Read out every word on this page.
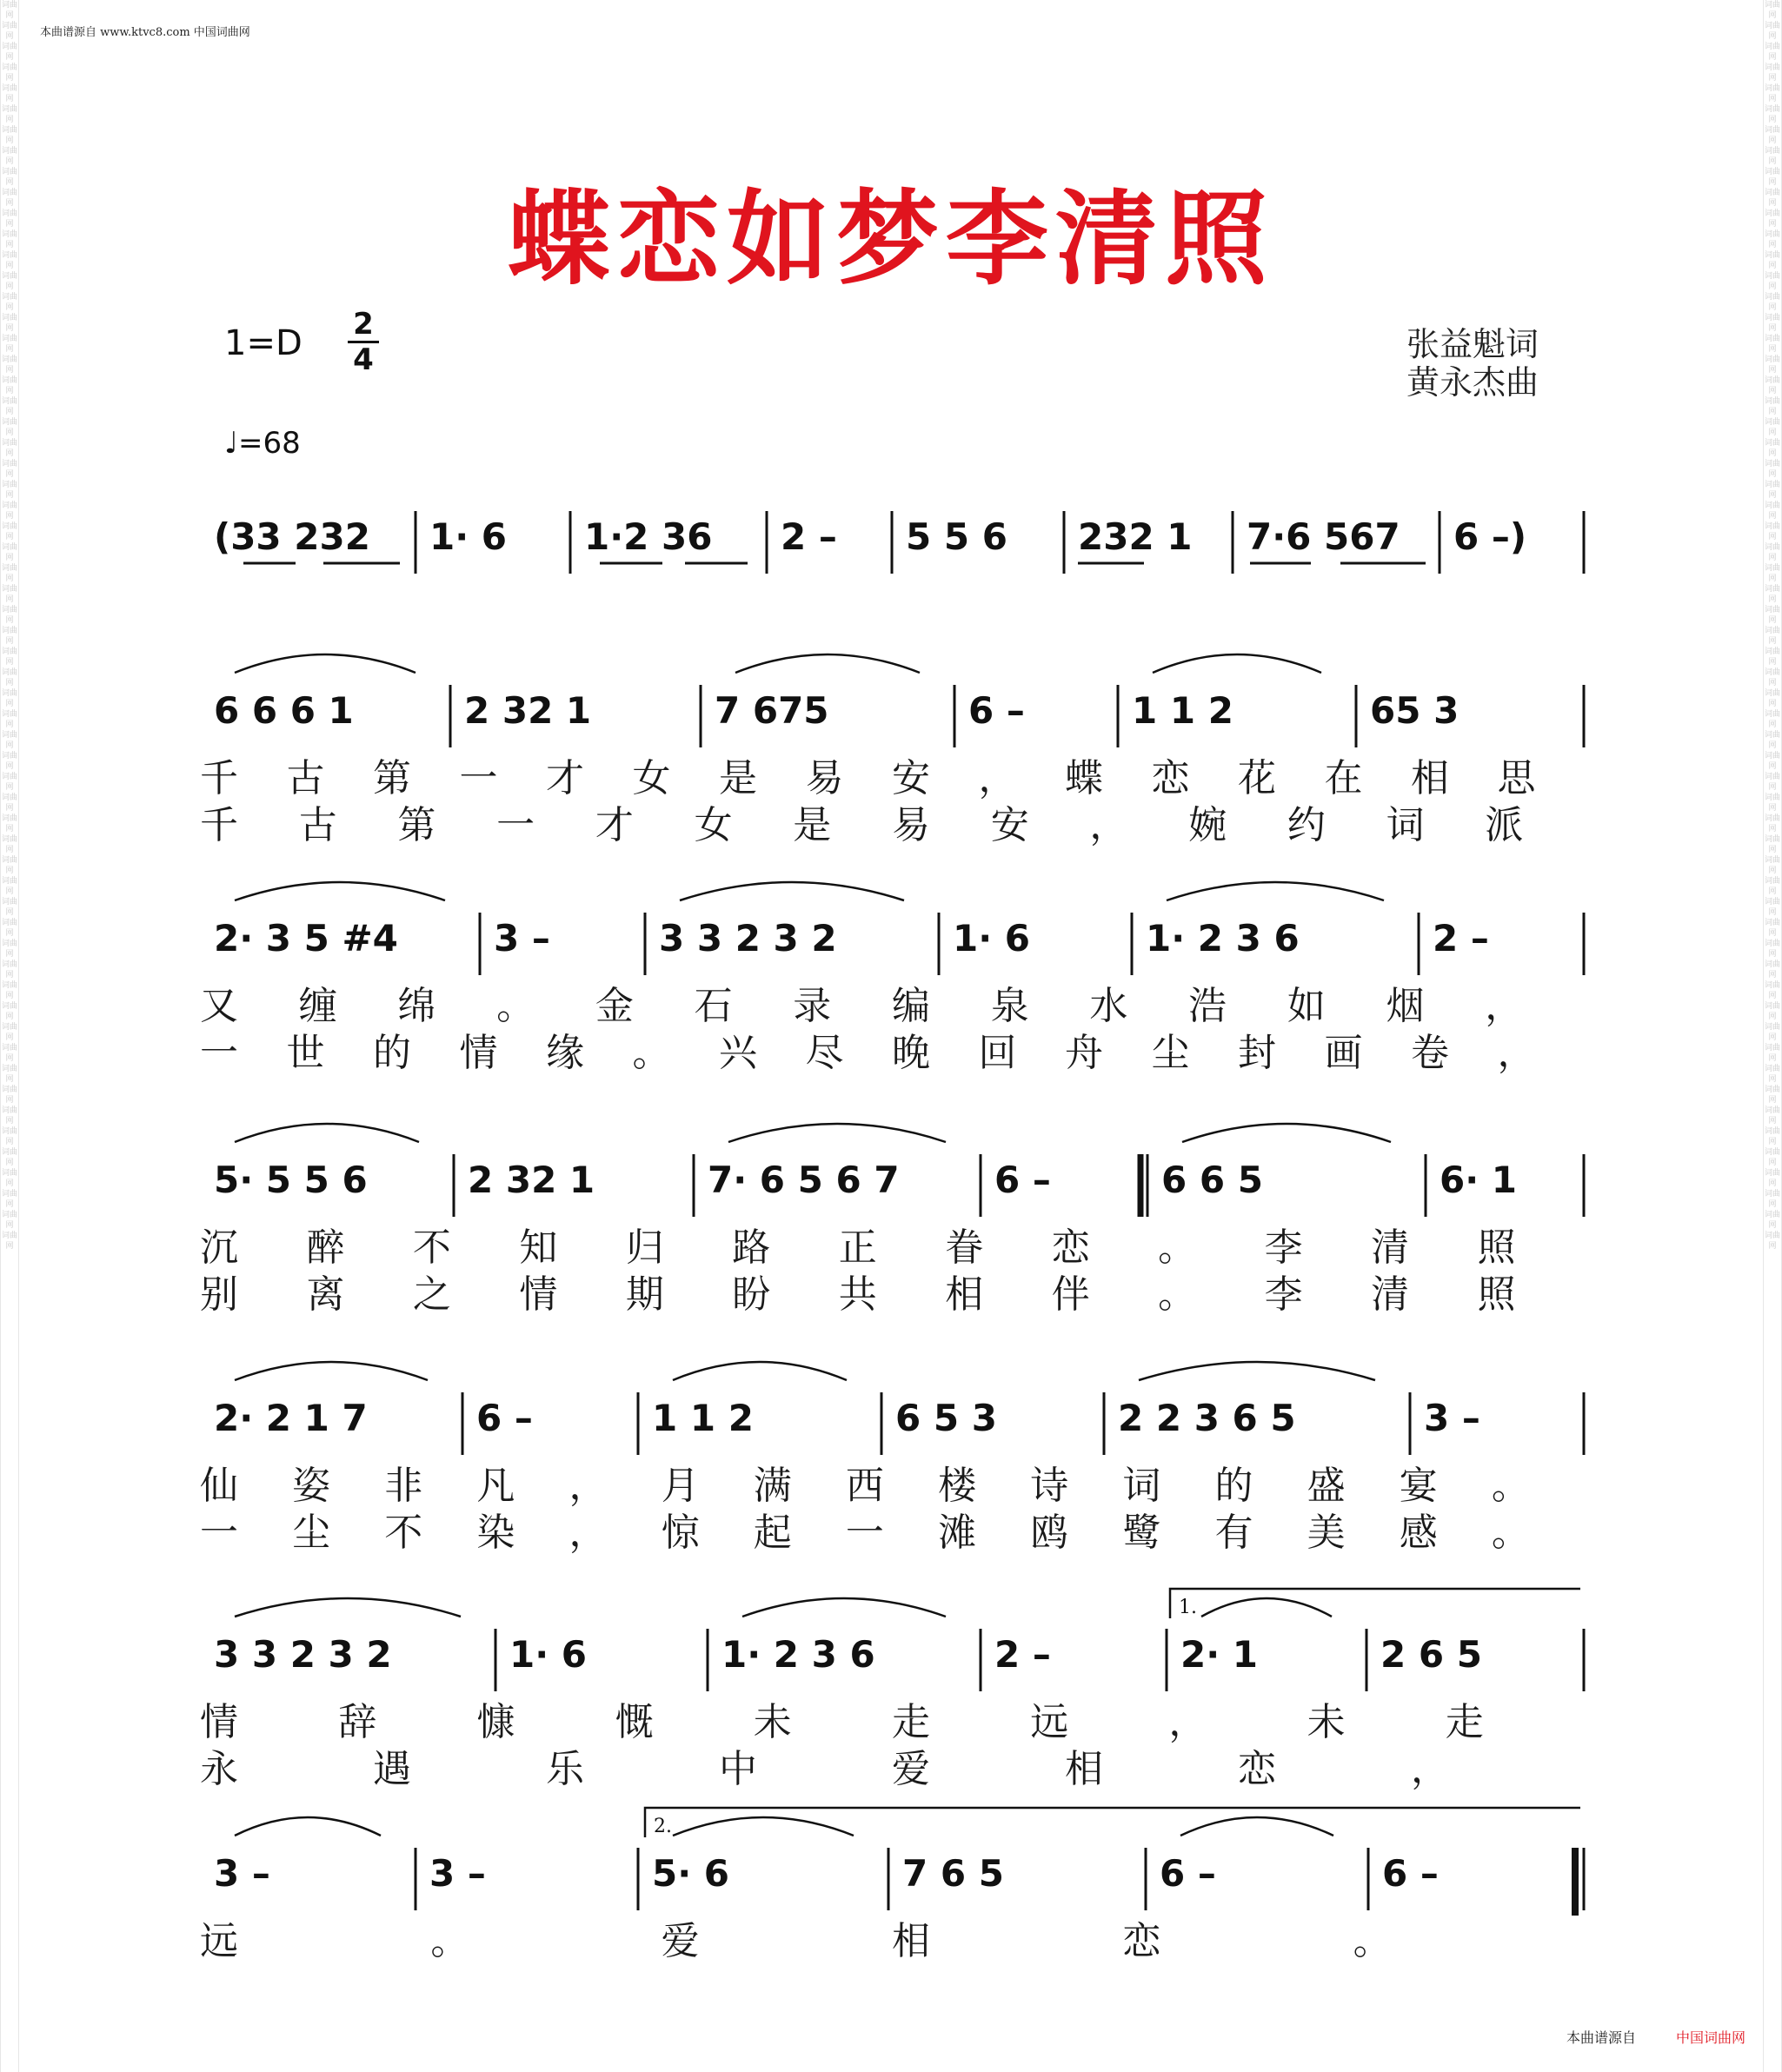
词曲网 词曲网 词曲网 词曲网 词曲网 词曲网 词曲网 词曲网 词曲网 词曲网 词曲网 词曲网 词曲网 词曲网 词曲网 词曲网 词曲网 词曲网 词曲网 词曲网 词曲网 词曲网 词曲网 词曲网 词曲网 词曲网 词曲网 词曲网 词曲网 词曲网 词曲网 词曲网 词曲网 词曲网 词曲网 词曲网 词曲网 词曲网 词曲网 词曲网 词曲网 词曲网 词曲网 词曲网 词曲网 词曲网 词曲网 词曲网 词曲网 词曲网 词曲网 词曲网 词曲网 词曲网 词曲网 词曲网 词曲网 词曲网 词曲网 词曲网
词曲网 词曲网 词曲网 词曲网 词曲网 词曲网 词曲网 词曲网 词曲网 词曲网 词曲网 词曲网 词曲网 词曲网 词曲网 词曲网 词曲网 词曲网 词曲网 词曲网 词曲网 词曲网 词曲网 词曲网 词曲网 词曲网 词曲网 词曲网 词曲网 词曲网 词曲网 词曲网 词曲网 词曲网 词曲网 词曲网 词曲网 词曲网 词曲网 词曲网 词曲网 词曲网 词曲网 词曲网 词曲网 词曲网 词曲网 词曲网 词曲网 词曲网 词曲网 词曲网 词曲网 词曲网 词曲网 词曲网 词曲网 词曲网 词曲网 词曲网
本曲谱源自 www.ktvc8.com 中国词曲网
蝶恋如梦李清照
1=D 2
4
♩=68
张益魁词
黄永杰曲
(33 232 1· 6 1·2 36 2 – 5 5 6 232 1 7·6 567 6 –)
6 6 6 1	2 32 1	7 675	6 –	1 1 2	65 3
千 古 第 一 才 女 是 易 安 ， 蝶 恋 花 在 相 思
千 古 第 一 才 女 是 易 安 ， 婉 约 词 派
2· 3 5 #4	3 –	3 3 2 3 2	1· 6	1· 2 3 6	2 –
又 缠 绵 。 金 石 录 编 泉 水 浩 如 烟 ，
一 世 的 情 缘 。 兴 尽 晚 回 舟 尘 封 画 卷 ，
5· 5 5 6	2 32 1	7· 6 5 6 7	6 –	6 6 5	6· 1
沉 醉 不 知 归 路 正 眷 恋 。 李 清 照
别 离 之 情 期 盼 共 相 伴 。 李 清 照
2· 2 1 7	6 –	1 1 2	6 5 3	2 2 3 6 5	3 –
仙 姿 非 凡 ， 月 满 西 楼 诗 词 的 盛 宴 。
一 尘 不 染 ， 惊 起 一 滩 鸥 鹭 有 美 感 。
3 3 2 3 2	1· 6	1· 2 3 6	2 –	2· 1	2 6 5
情	辞	慷	慨	未	走	远	，	未	走
永	遇	乐	中	爱	相	恋	，
3 –	3 –	5· 6	7 6 5	6 –	6 –
远	。	爱	相	恋	。
1.
2.
本曲谱源自	中国词曲网
